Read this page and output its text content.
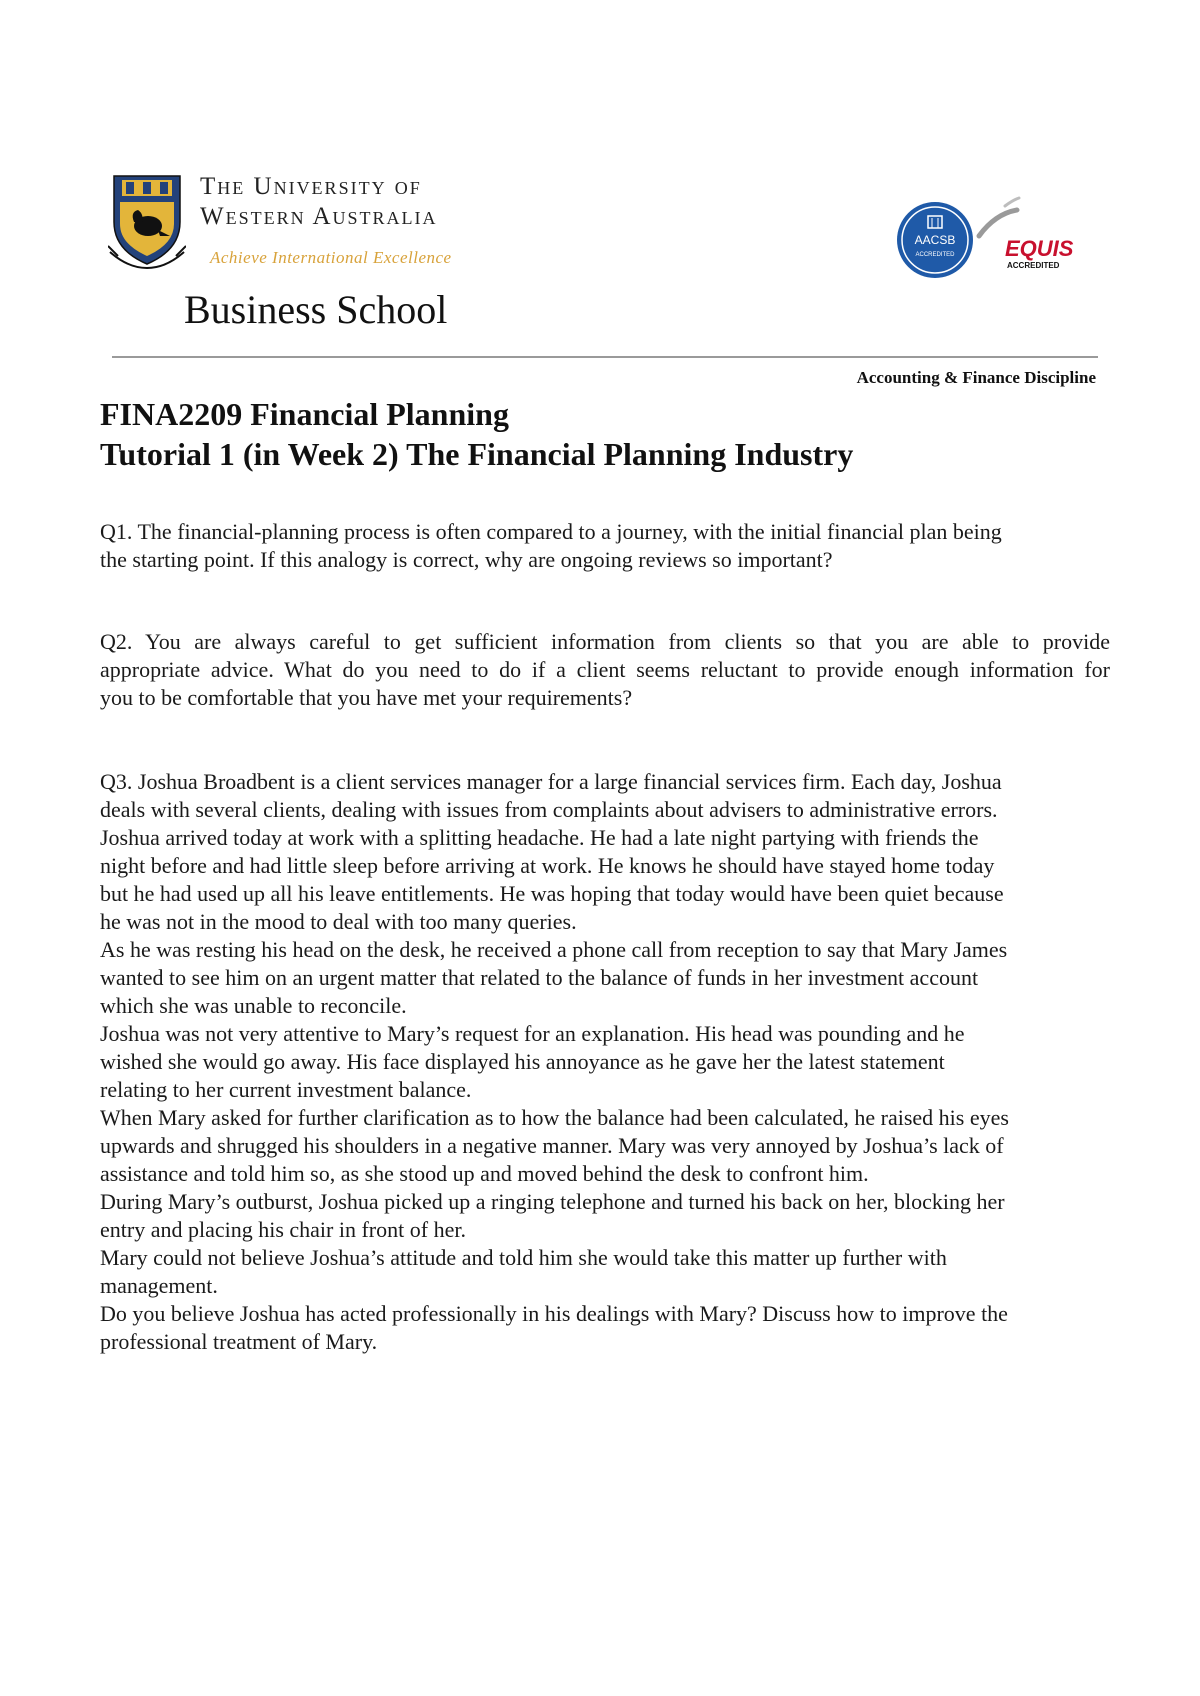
The University of
Western Australia
Achieve International Excellence
Business School
AACSB
ACCREDITED EQUIS
ACCREDITED
Accounting & Finance Discipline
FINA2209 Financial Planning
Tutorial 1 (in Week 2) The Financial Planning Industry
Q1. The financial-planning process is often compared to a journey, with the initial financial plan being
the starting point. If this analogy is correct, why are ongoing reviews so important?
Q2. You are always careful to get sufficient information from clients so that you are able to provide
appropriate advice. What do you need to do if a client seems reluctant to provide enough information for
you to be comfortable that you have met your requirements?
Q3. Joshua Broadbent is a client services manager for a large financial services firm. Each day, Joshua
deals with several clients, dealing with issues from complaints about advisers to administrative errors.
Joshua arrived today at work with a splitting headache. He had a late night partying with friends the
night before and had little sleep before arriving at work. He knows he should have stayed home today
but he had used up all his leave entitlements. He was hoping that today would have been quiet because
he was not in the mood to deal with too many queries.
As he was resting his head on the desk, he received a phone call from reception to say that Mary James
wanted to see him on an urgent matter that related to the balance of funds in her investment account
which she was unable to reconcile.
Joshua was not very attentive to Mary’s request for an explanation. His head was pounding and he
wished she would go away. His face displayed his annoyance as he gave her the latest statement
relating to her current investment balance.
When Mary asked for further clarification as to how the balance had been calculated, he raised his eyes
upwards and shrugged his shoulders in a negative manner. Mary was very annoyed by Joshua’s lack of
assistance and told him so, as she stood up and moved behind the desk to confront him.
During Mary’s outburst, Joshua picked up a ringing telephone and turned his back on her, blocking her
entry and placing his chair in front of her.
Mary could not believe Joshua’s attitude and told him she would take this matter up further with
management.
Do you believe Joshua has acted professionally in his dealings with Mary? Discuss how to improve the
professional treatment of Mary.
